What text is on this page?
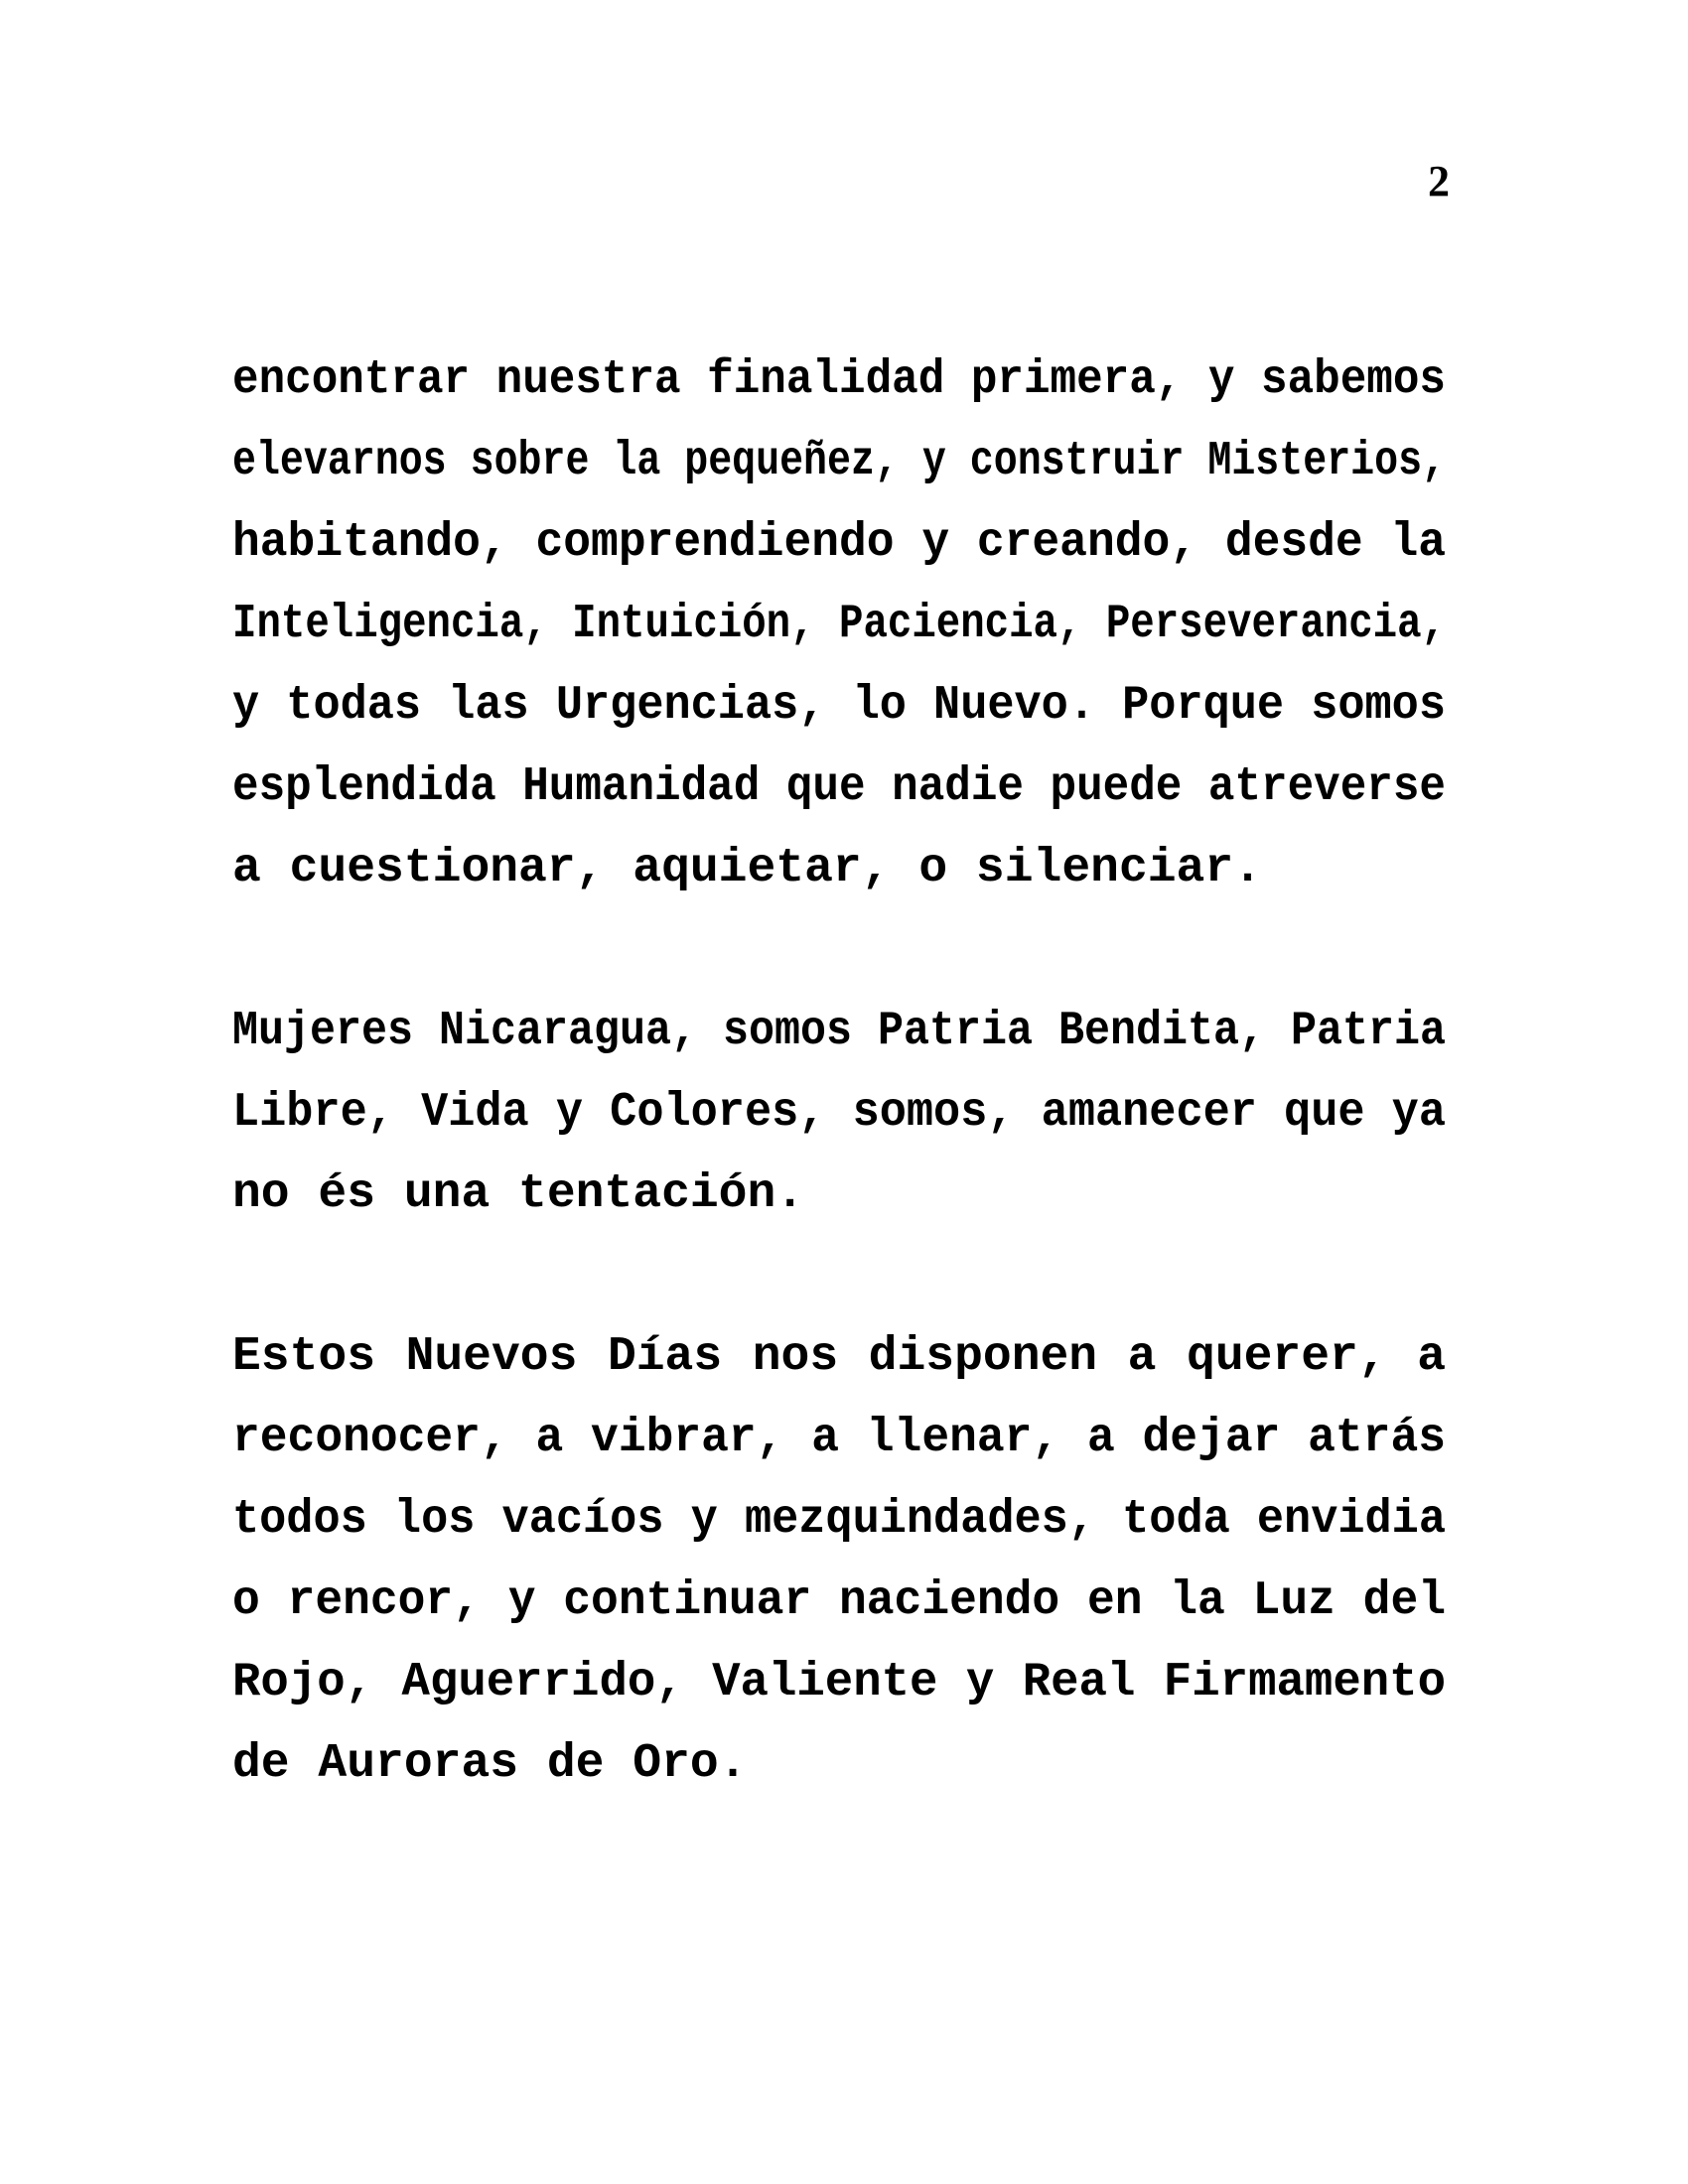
2
encontrar nuestra finalidad primera, y sabemos
elevarnos sobre la pequeñez, y construir Misterios,
habitando, comprendiendo y creando, desde la
Inteligencia, Intuición, Paciencia, Perseverancia,
y todas las Urgencias, lo Nuevo. Porque somos
esplendida Humanidad que nadie puede atreverse
a cuestionar, aquietar, o silenciar.
Mujeres Nicaragua, somos Patria Bendita, Patria
Libre, Vida y Colores, somos, amanecer que ya
no és una tentación.
Estos Nuevos Días nos disponen a querer, a
reconocer, a vibrar, a llenar, a dejar atrás
todos los vacíos y mezquindades, toda envidia
o rencor, y continuar naciendo en la Luz del
Rojo, Aguerrido, Valiente y Real Firmamento
de Auroras de Oro.
